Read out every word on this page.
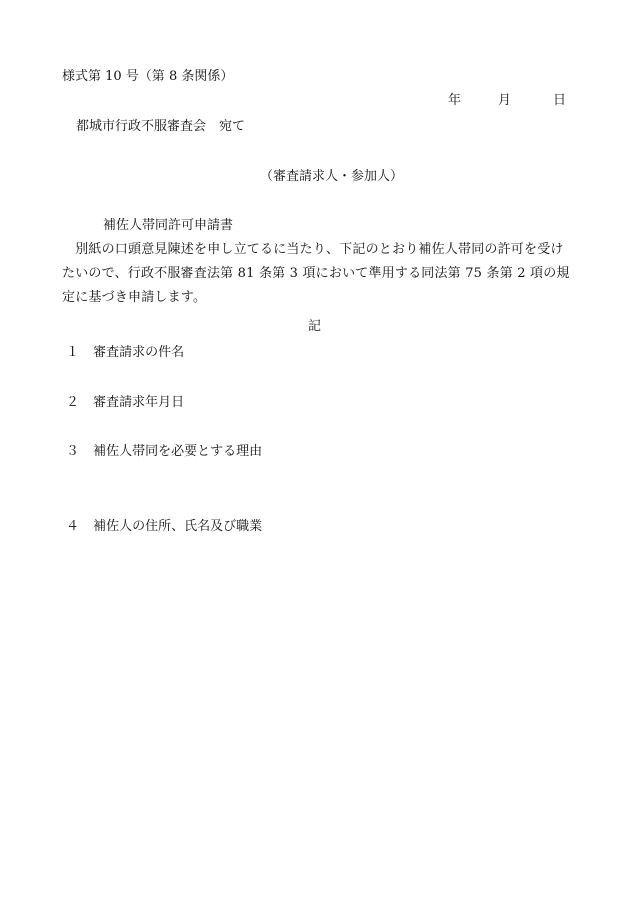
様式第 10 号（第 8 条関係）
年	月	日
都城市行政不服審査会　宛て
（審査請求人・参加人）
補佐人帯同許可申請書
　別紙の口頭意見陳述を申し立てるに当たり、下記のとおり補佐人帯同の許可を受けたいので、行政不服審査法第 81 条第 3 項において準用する同法第 75 条第 2 項の規定に基づき申請します。
記
１ 審査請求の件名
２ 審査請求年月日
３ 補佐人帯同を必要とする理由
４ 補佐人の住所、氏名及び職業
